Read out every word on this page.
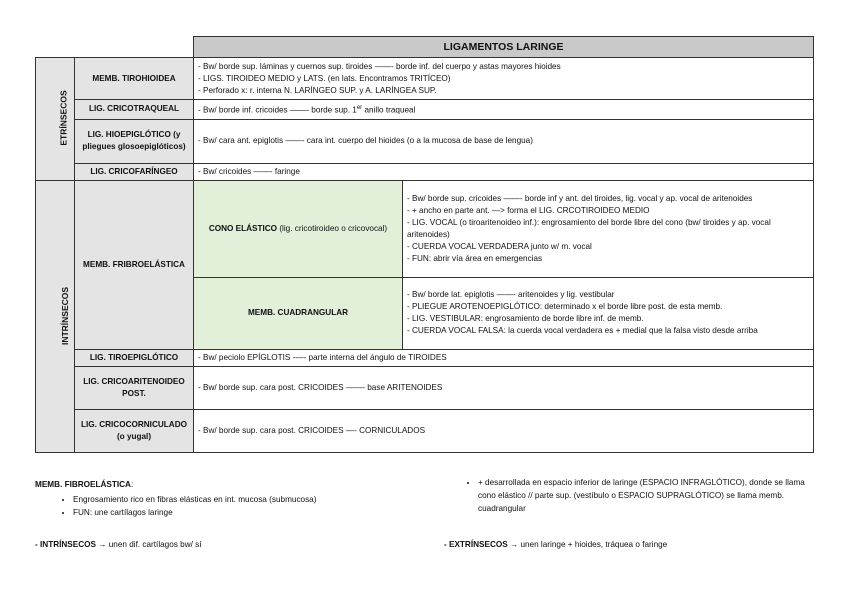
		LIGAMENTOS LARINGE	
ETRÍNSECOS	MEMB. TIROHIOIDEA	- Bw/ borde sup. láminas y cuernos sup. tiroides ——- borde inf. del cuerpo y astas mayores hioides
- LIGS. TIROIDEO MEDIO y LATS. (en lats. Encontramos TRITÍCEO)
- Perforado x: r. interna N. LARÍNGEO SUP. y A. LARÍNGEA SUP.	

	LIG. CRICOTRAQUEAL	- Bw/ borde inf. cricoides ——- borde sup. 1er anillo traqueal	
	LIG. HIOEPIGLÓTICO (y pliegues glosoepiglóticos)	- Bw/ cara ant. epiglotis ——- cara int. cuerpo del hioides (o a la mucosa de base de lengua)	
	LIG. CRICOFARÍNGEO	- Bw/ cricoides ——- faringe	
INTRÍNSECOS	MEMB. FRIBROELÁSTICA	CONO ELÁSTICO (lig. cricotiroideo o cricovocal)	- Bw/ borde sup. cricoides ——- borde inf y ant. del tiroides, lig. vocal y ap. vocal de aritenoides
- + ancho en parte ant. —> forma el LIG. CRCOTIROIDEO MEDIO
- LIG. VOCAL (o tiroaritenoideo inf.): engrosamiento del borde libre del cono (bw/ tiroides y ap. vocal aritenoides)
- CUERDA VOCAL VERDADERA junto w/ m. vocal
- FUN: abrir vía área en emergencias

		MEMB. CUADRANGULAR	- Bw/ borde lat. epiglotis ——- aritenoides y lig. vestibular
- PLIEGUE AROTENOEPIGLÓTICO: determinado x el borde libre post. de esta memb.
- LIG. VESTIBULAR: engrosamiento de borde libre inf. de memb.
- CUERDA VOCAL FALSA: la cuerda vocal verdadera es + medial que la falsa visto desde arriba

	LIG. TIROEPIGLÓTICO	- Bw/ peciolo EPÍGLOTIS -—- parte interna del ángulo de TIROIDES	
	LIG. CRICOARITENOIDEO POST.	- Bw/ borde sup. cara post. CRICOIDES ——- base ARITENOIDES	
	LIG. CRICOCORNICULADO (o yugal)	- Bw/ borde sup. cara post. CRICOIDES —- CORNICULADOS	
MEMB. FIBROELÁSTICA:
• Engrosamiento rico en fibras elásticas en int. mucosa (submucosa)
• FUN: une cartílagos laringe
• + desarrollada en espacio inferior de laringe (ESPACIO INFRAGLÓTICO), donde se llama cono elástico // parte sup. (vestíbulo o ESPACIO SUPRAGLÓTICO) se llama memb. cuadrangular
- INTRÍNSECOS → unen dif. cartílagos bw/ sí	- EXTRÍNSECOS → unen laringe + hioides, tráquea o faringe
